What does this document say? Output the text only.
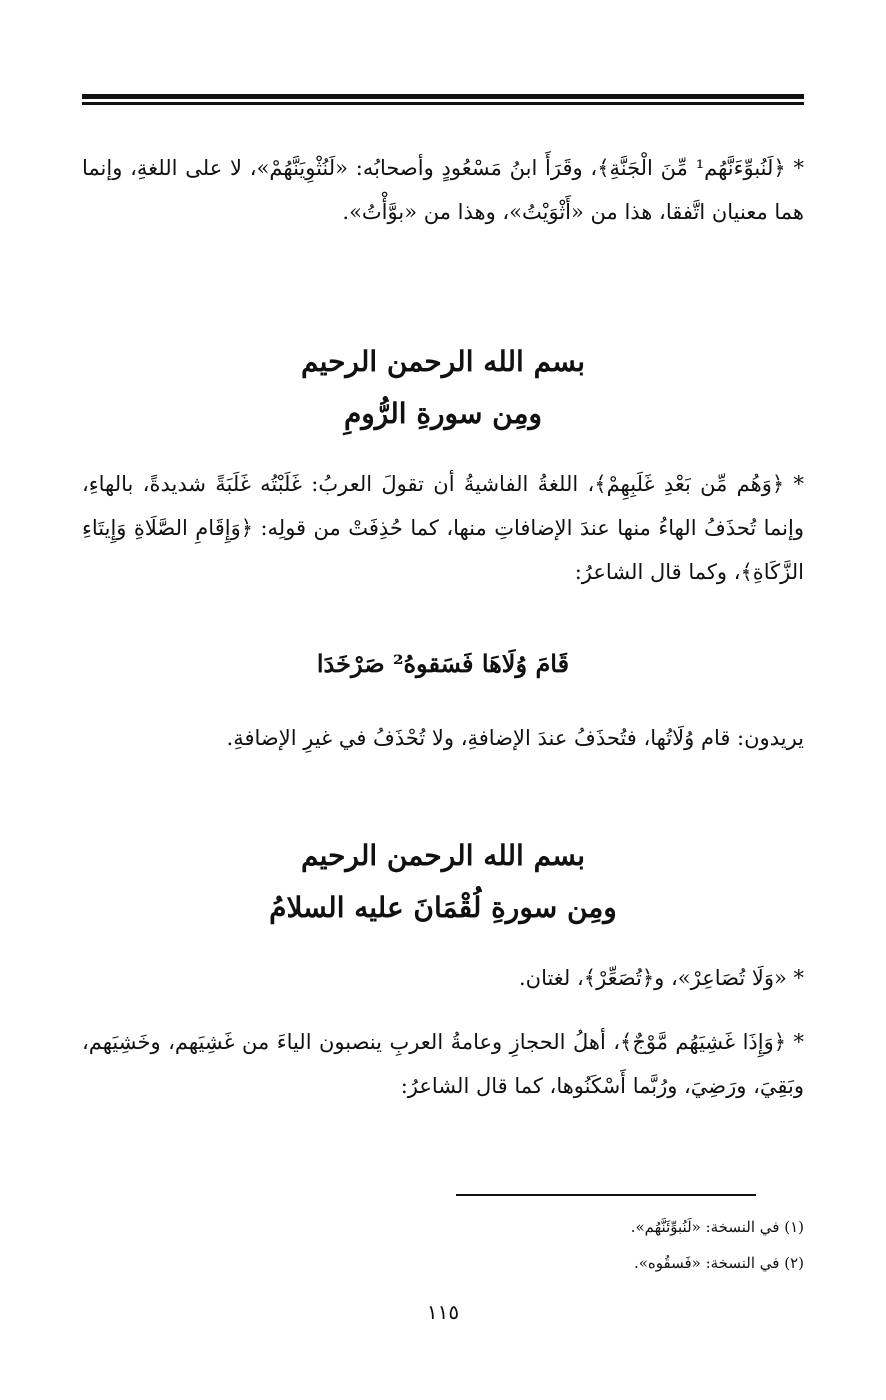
* ﴿لَنُبوِّءَنَّهُم¹ مِّنَ الْجَنَّةِ﴾، وقَرَأَ ابنُ مَسْعُودٍ وأصحابُه: «لَنُثْوِيَنَّهُمْ»، لا على اللغةِ، وإنما هما معنيان اتَّفقا، هذا من «أَثْوَيْتُ»، وهذا من «بوَّأْتُ».

بسم الله الرحمن الرحيم
ومِن سورةِ الرُّومِ

* ﴿وَهُم مِّن بَعْدِ غَلَبِهِمْ﴾، اللغةُ الفاشيةُ أن تقولَ العربُ: غَلَبْتُه غَلَبَةً شديدةً، بالهاءِ، وإنما تُحذَفُ الهاءُ منها عندَ الإضافاتِ منها، كما حُذِفَتْ من قولِه: ﴿وَإِقَامِ الصَّلَاةِ وَإِيتَاءِ الزَّكَاةِ﴾، وكما قال الشاعرُ:

قَامَ وُلَاهَا فَسَقوهُ² صَرْخَدَا

يريدون: قام وُلَاتُها، فتُحذَفُ عندَ الإضافةِ، ولا تُحْذَفُ في غيرِ الإضافةِ.

بسم الله الرحمن الرحيم
ومِن سورةِ لُقْمَانَ عليه السلامُ

* «وَلَا تُصَاعِرْ»، و﴿تُصَعِّرْ﴾، لغتان.

* ﴿وَإِذَا غَشِيَهُم مَّوْجٌ﴾، أهلُ الحجازِ وعامةُ العربِ ينصبون الياءَ من غَشِيَهم، وخَشِيَهم، وبَقِيَ، ورَضِيَ، ورُبَّما أَسْكَنُوها، كما قال الشاعرُ:

(١) في النسخة: «لَنُبوِّئَنَّهُم».
(٢) في النسخة: «فَسقُوه».
١١٥
